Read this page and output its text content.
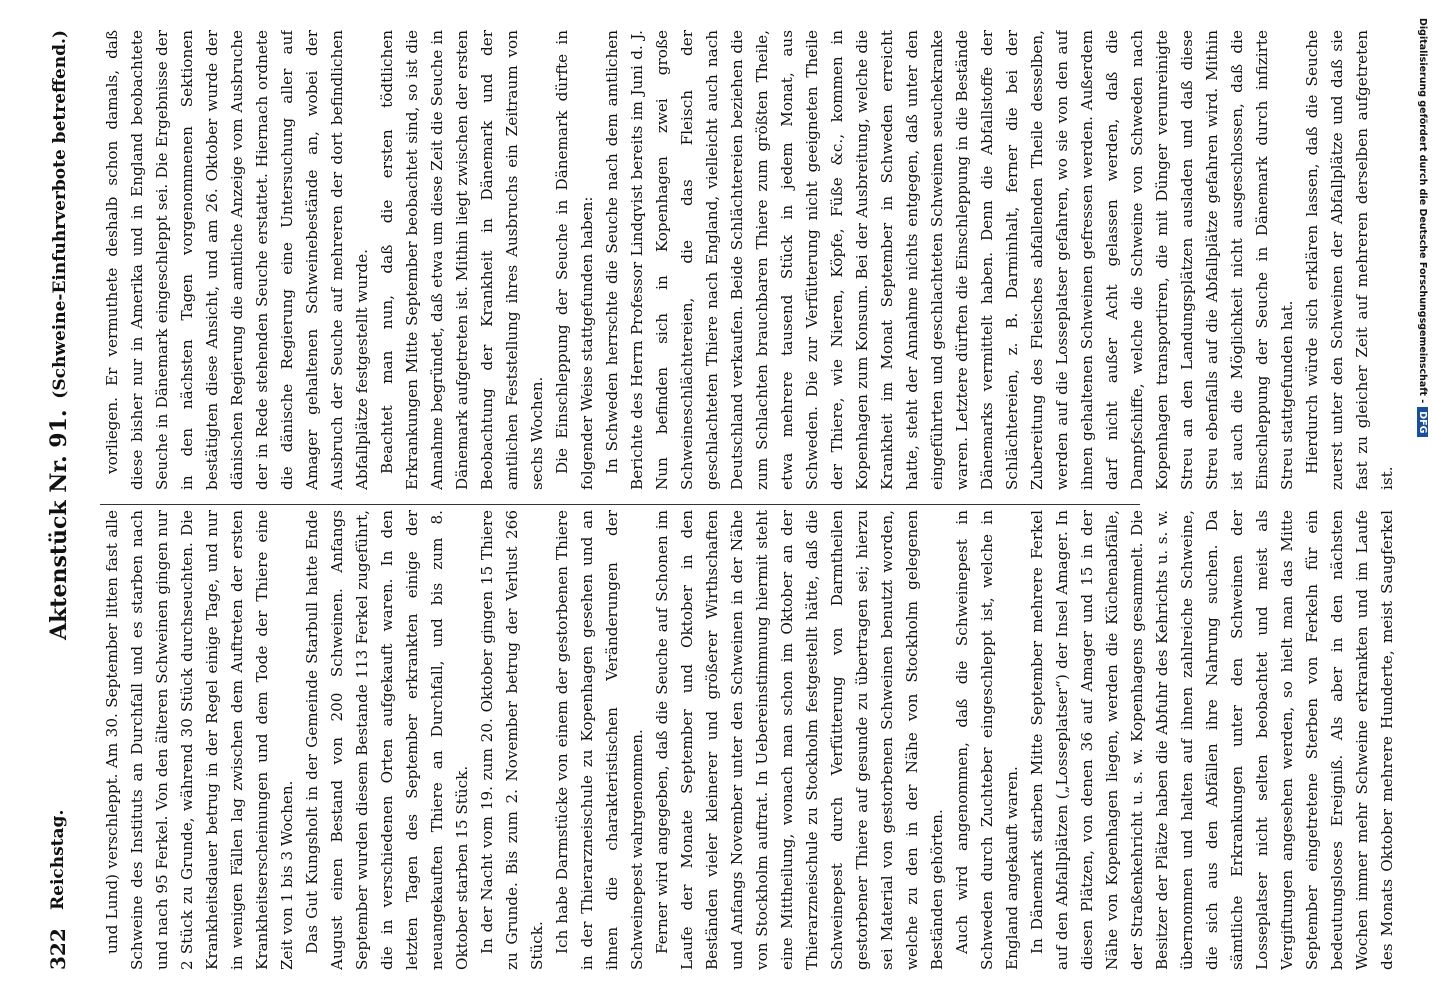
322
Reichstag.
Aktenstück Nr. 91.
(Schweine-Einfuhrverbote betreffend.)

und Lund) verschleppt. Am 30. September litten fast alle Schweine des Instituts an Durchfall und es starben nach und nach 95 Ferkel. Von den älteren Schweinen gingen nur 2 Stück zu Grunde, während 30 Stück durchseuchten. Die Krankheitsdauer betrug in der Regel einige Tage, und nur in wenigen Fällen lag zwischen dem Auftreten der ersten Krankheitserscheinungen und dem Tode der Thiere eine Zeit von 1 bis 3 Wochen. Das Gut Kungsholt in der Gemeinde Starbull hatte Ende August einen Bestand von 200 Schweinen. Anfangs September wurden diesem Bestande 113 Ferkel zugeführt, die in verschiedenen Orten aufgekauft waren. In den letzten Tagen des September erkrankten einige der neuangekauften Thiere an Durchfall, und bis zum 8. Oktober starben 15 Stück. In der Nacht vom 19. zum 20. Oktober gingen 15 Thiere zu Grunde. Bis zum 2. November betrug der Verlust 266 Stück. Ich habe Darmstücke von einem der gestorbenen Thiere in der Thierarzneischule zu Kopenhagen gesehen und an ihnen die charakteristischen Veränderungen der Schweinepest wahrgenommen. Ferner wird angegeben, daß die Seuche auf Schonen im Laufe der Monate September und Oktober in den Beständen vieler kleinerer und größerer Wirthschaften und Anfangs November unter den Schweinen in der Nähe von Stockholm auftrat. In Uebereinstimmung hiermit steht eine Mittheilung, wonach man schon im Oktober an der Thierarzneischule zu Stockholm festgestellt hätte, daß die Schweinepest durch Verfütterung von Darmtheilen gestorbener Thiere auf gesunde zu übertragen sei; hierzu sei Material von gestorbenen Schweinen benutzt worden, welche zu den in der Nähe von Stockholm gelegenen Beständen gehörten. Auch wird angenommen, daß die Schweinepest in Schweden durch Zuchteber eingeschleppt ist, welche in England angekauft waren. In Dänemark starben Mitte September mehrere Ferkel auf den Abfallplätzen („Losseplatser“) der Insel Amager. In diesen Plätzen, von denen 36 auf Amager und 15 in der Nähe von Kopenhagen liegen, werden die Küchenabfälle, der Straßenkehricht u. s. w. Kopenhagens gesammelt. Die Besitzer der Plätze haben die Abfuhr des Kehrichts u. s. w. übernommen und halten auf ihnen zahlreiche Schweine, die sich aus den Abfällen ihre Nahrung suchen. Da sämtliche Erkrankungen unter den Schweinen der Losseplatser nicht selten beobachtet und meist als Vergiftungen angesehen werden, so hielt man das Mitte September eingetretene Sterben von Ferkeln für ein bedeutungsloses Ereigniß. Als aber in den nächsten Wochen immer mehr Schweine erkrankten und im Laufe des Monats Oktober mehrere Hunderte, meist Saugferkel

vorliegen. Er vermuthete deshalb schon damals, daß diese bisher nur in Amerika und in England beobachtete Seuche in Dänemark eingeschleppt sei. Die Ergebnisse der in den nächsten Tagen vorgenommenen Sektionen bestätigten diese Ansicht, und am 26. Oktober wurde der dänischen Regierung die amtliche Anzeige vom Ausbruche der in Rede stehenden Seuche erstattet. Hiernach ordnete die dänische Regierung eine Untersuchung aller auf Amager gehaltenen Schweinebestände an, wobei der Ausbruch der Seuche auf mehreren der dort befindlichen Abfallplätze festgestellt wurde. Beachtet man nun, daß die ersten tödtlichen Erkrankungen Mitte September beobachtet sind, so ist die Annahme begründet, daß etwa um diese Zeit die Seuche in Dänemark aufgetreten ist. Mithin liegt zwischen der ersten Beobachtung der Krankheit in Dänemark und der amtlichen Feststellung ihres Ausbruchs ein Zeitraum von sechs Wochen. Die Einschleppung der Seuche in Dänemark dürfte in folgender Weise stattgefunden haben: In Schweden herrschte die Seuche nach dem amtlichen Berichte des Herrn Professor Lindqvist bereits im Juni d. J. Nun befinden sich in Kopenhagen zwei große Schweineschlächtereien, die das Fleisch der geschlachteten Thiere nach England, vielleicht auch nach Deutschland verkaufen. Beide Schlächtereien beziehen die zum Schlachten brauchbaren Thiere zum größten Theile, etwa mehrere tausend Stück in jedem Monat, aus Schweden. Die zur Verfütterung nicht geeigneten Theile der Thiere, wie Nieren, Köpfe, Füße &c., kommen in Kopenhagen zum Konsum. Bei der Ausbreitung, welche die Krankheit im Monat September in Schweden erreicht hatte, steht der Annahme nichts entgegen, daß unter den eingeführten und geschlachteten Schweinen seuchekranke waren. Letztere dürften die Einschleppung in die Bestände Dänemarks vermittelt haben. Denn die Abfallstoffe der Schlächtereien, z. B. Darminhalt, ferner die bei der Zubereitung des Fleisches abfallenden Theile desselben, werden auf die Losseplatser gefahren, wo sie von den auf ihnen gehaltenen Schweinen gefressen werden. Außerdem darf nicht außer Acht gelassen werden, daß die Dampfschiffe, welche die Schweine von Schweden nach Kopenhagen transportiren, die mit Dünger verunreinigte Streu an den Landungsplätzen ausladen und daß diese Streu ebenfalls auf die Abfallplätze gefahren wird. Mithin ist auch die Möglichkeit nicht ausgeschlossen, daß die Einschleppung der Seuche in Dänemark durch infizirte Streu stattgefunden hat. Hierdurch würde sich erklären lassen, daß die Seuche zuerst unter den Schweinen der Abfallplätze und daß sie fast zu gleicher Zeit auf mehreren derselben aufgetreten ist.

Digitalisierung gefördert durch die Deutsche Forschungsgemeinschaft -DFG
